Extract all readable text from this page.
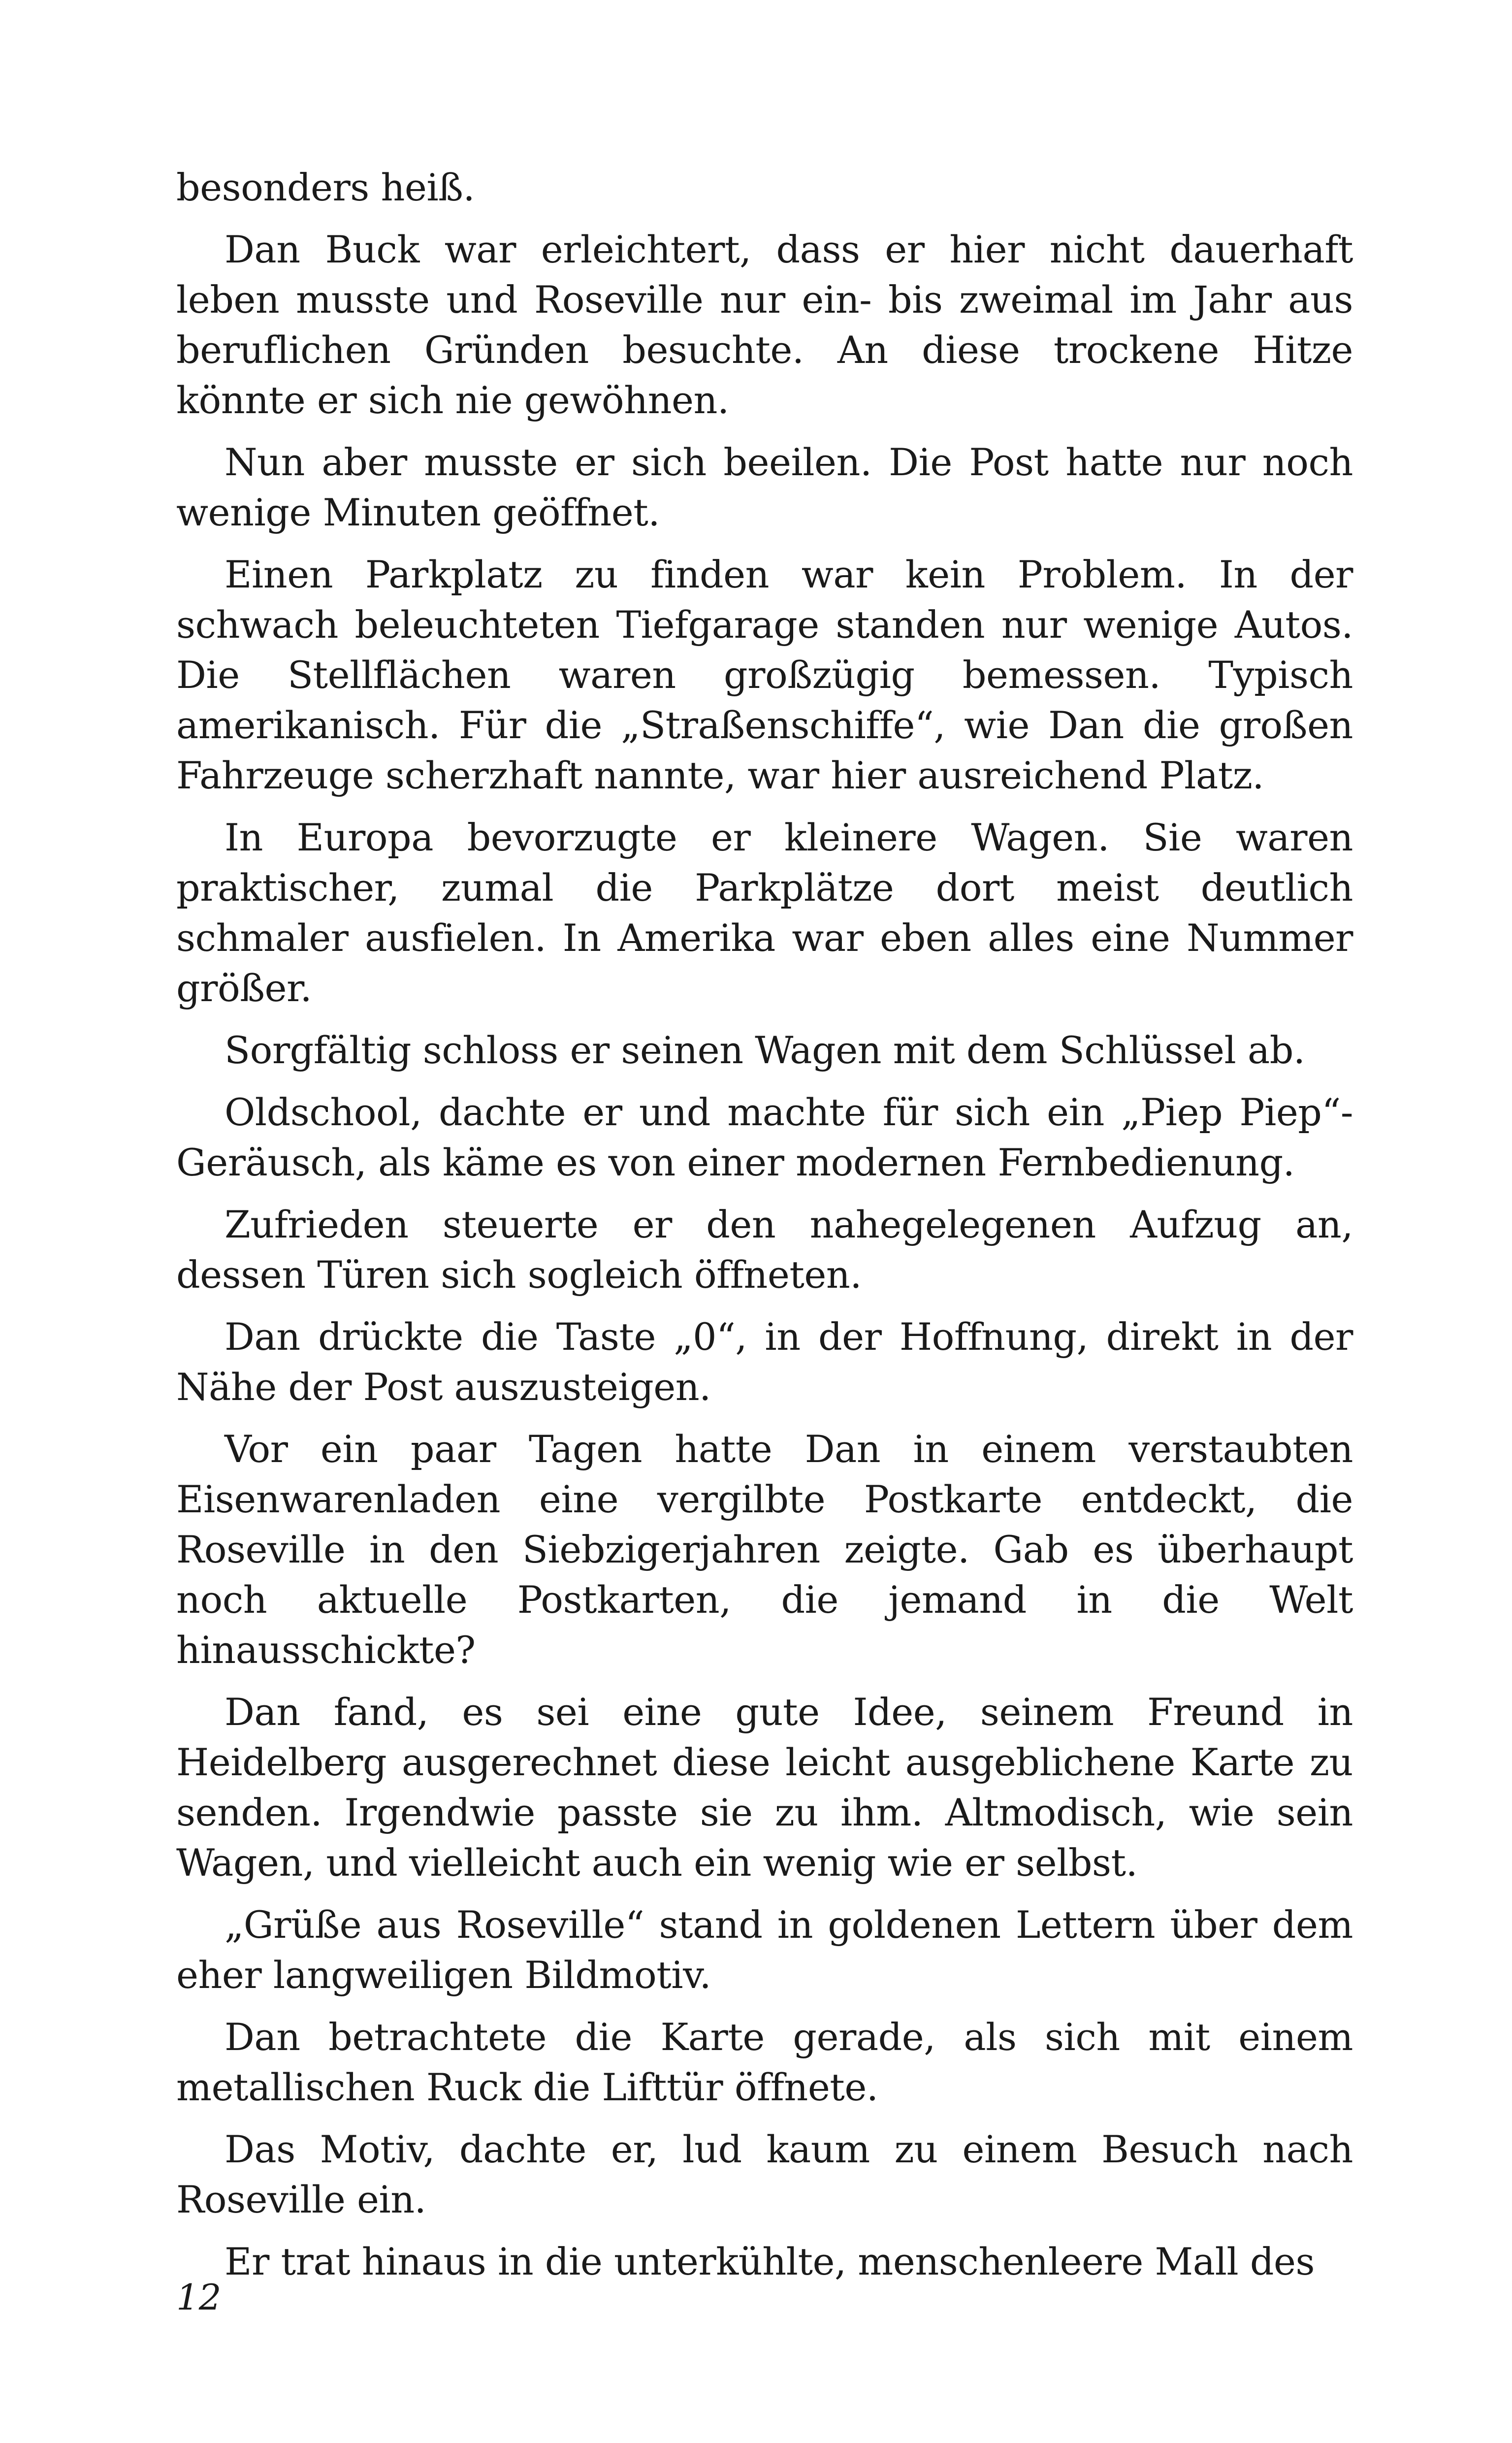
besonders heiß.

Dan Buck war erleichtert, dass er hier nicht dauerhaft leben musste und Roseville nur ein- bis zweimal im Jahr aus beruflichen Gründen besuchte. An diese trockene Hitze könnte er sich nie gewöhnen.

Nun aber musste er sich beeilen. Die Post hatte nur noch wenige Minuten geöffnet.

Einen Parkplatz zu finden war kein Problem. In der schwach beleuchteten Tiefgarage standen nur wenige Autos. Die Stellflächen waren großzügig bemessen. Typisch amerikanisch. Für die „Straßenschiffe“, wie Dan die großen Fahrzeuge scherzhaft nannte, war hier ausreichend Platz.

In Europa bevorzugte er kleinere Wagen. Sie waren praktischer, zumal die Parkplätze dort meist deutlich schmaler ausfielen. In Amerika war eben alles eine Nummer größer.

Sorgfältig schloss er seinen Wagen mit dem Schlüssel ab.

Oldschool, dachte er und machte für sich ein „Piep Piep“-Geräusch, als käme es von einer modernen Fernbedienung.

Zufrieden steuerte er den nahegelegenen Aufzug an, dessen Türen sich sogleich öffneten.

Dan drückte die Taste „0“, in der Hoffnung, direkt in der Nähe der Post auszusteigen.

Vor ein paar Tagen hatte Dan in einem verstaubten Eisenwarenladen eine vergilbte Postkarte entdeckt, die Roseville in den Siebzigerjahren zeigte. Gab es überhaupt noch aktuelle Postkarten, die jemand in die Welt hinausschickte?

Dan fand, es sei eine gute Idee, seinem Freund in Heidelberg ausgerechnet diese leicht ausgeblichene Karte zu senden. Irgendwie passte sie zu ihm. Altmodisch, wie sein Wagen, und vielleicht auch ein wenig wie er selbst.

„Grüße aus Roseville“ stand in goldenen Lettern über dem eher langweiligen Bildmotiv.

Dan betrachtete die Karte gerade, als sich mit einem metallischen Ruck die Lifttür öffnete.

Das Motiv, dachte er, lud kaum zu einem Besuch nach Roseville ein.

Er trat hinaus in die unterkühlte, menschenleere Mall des

12
